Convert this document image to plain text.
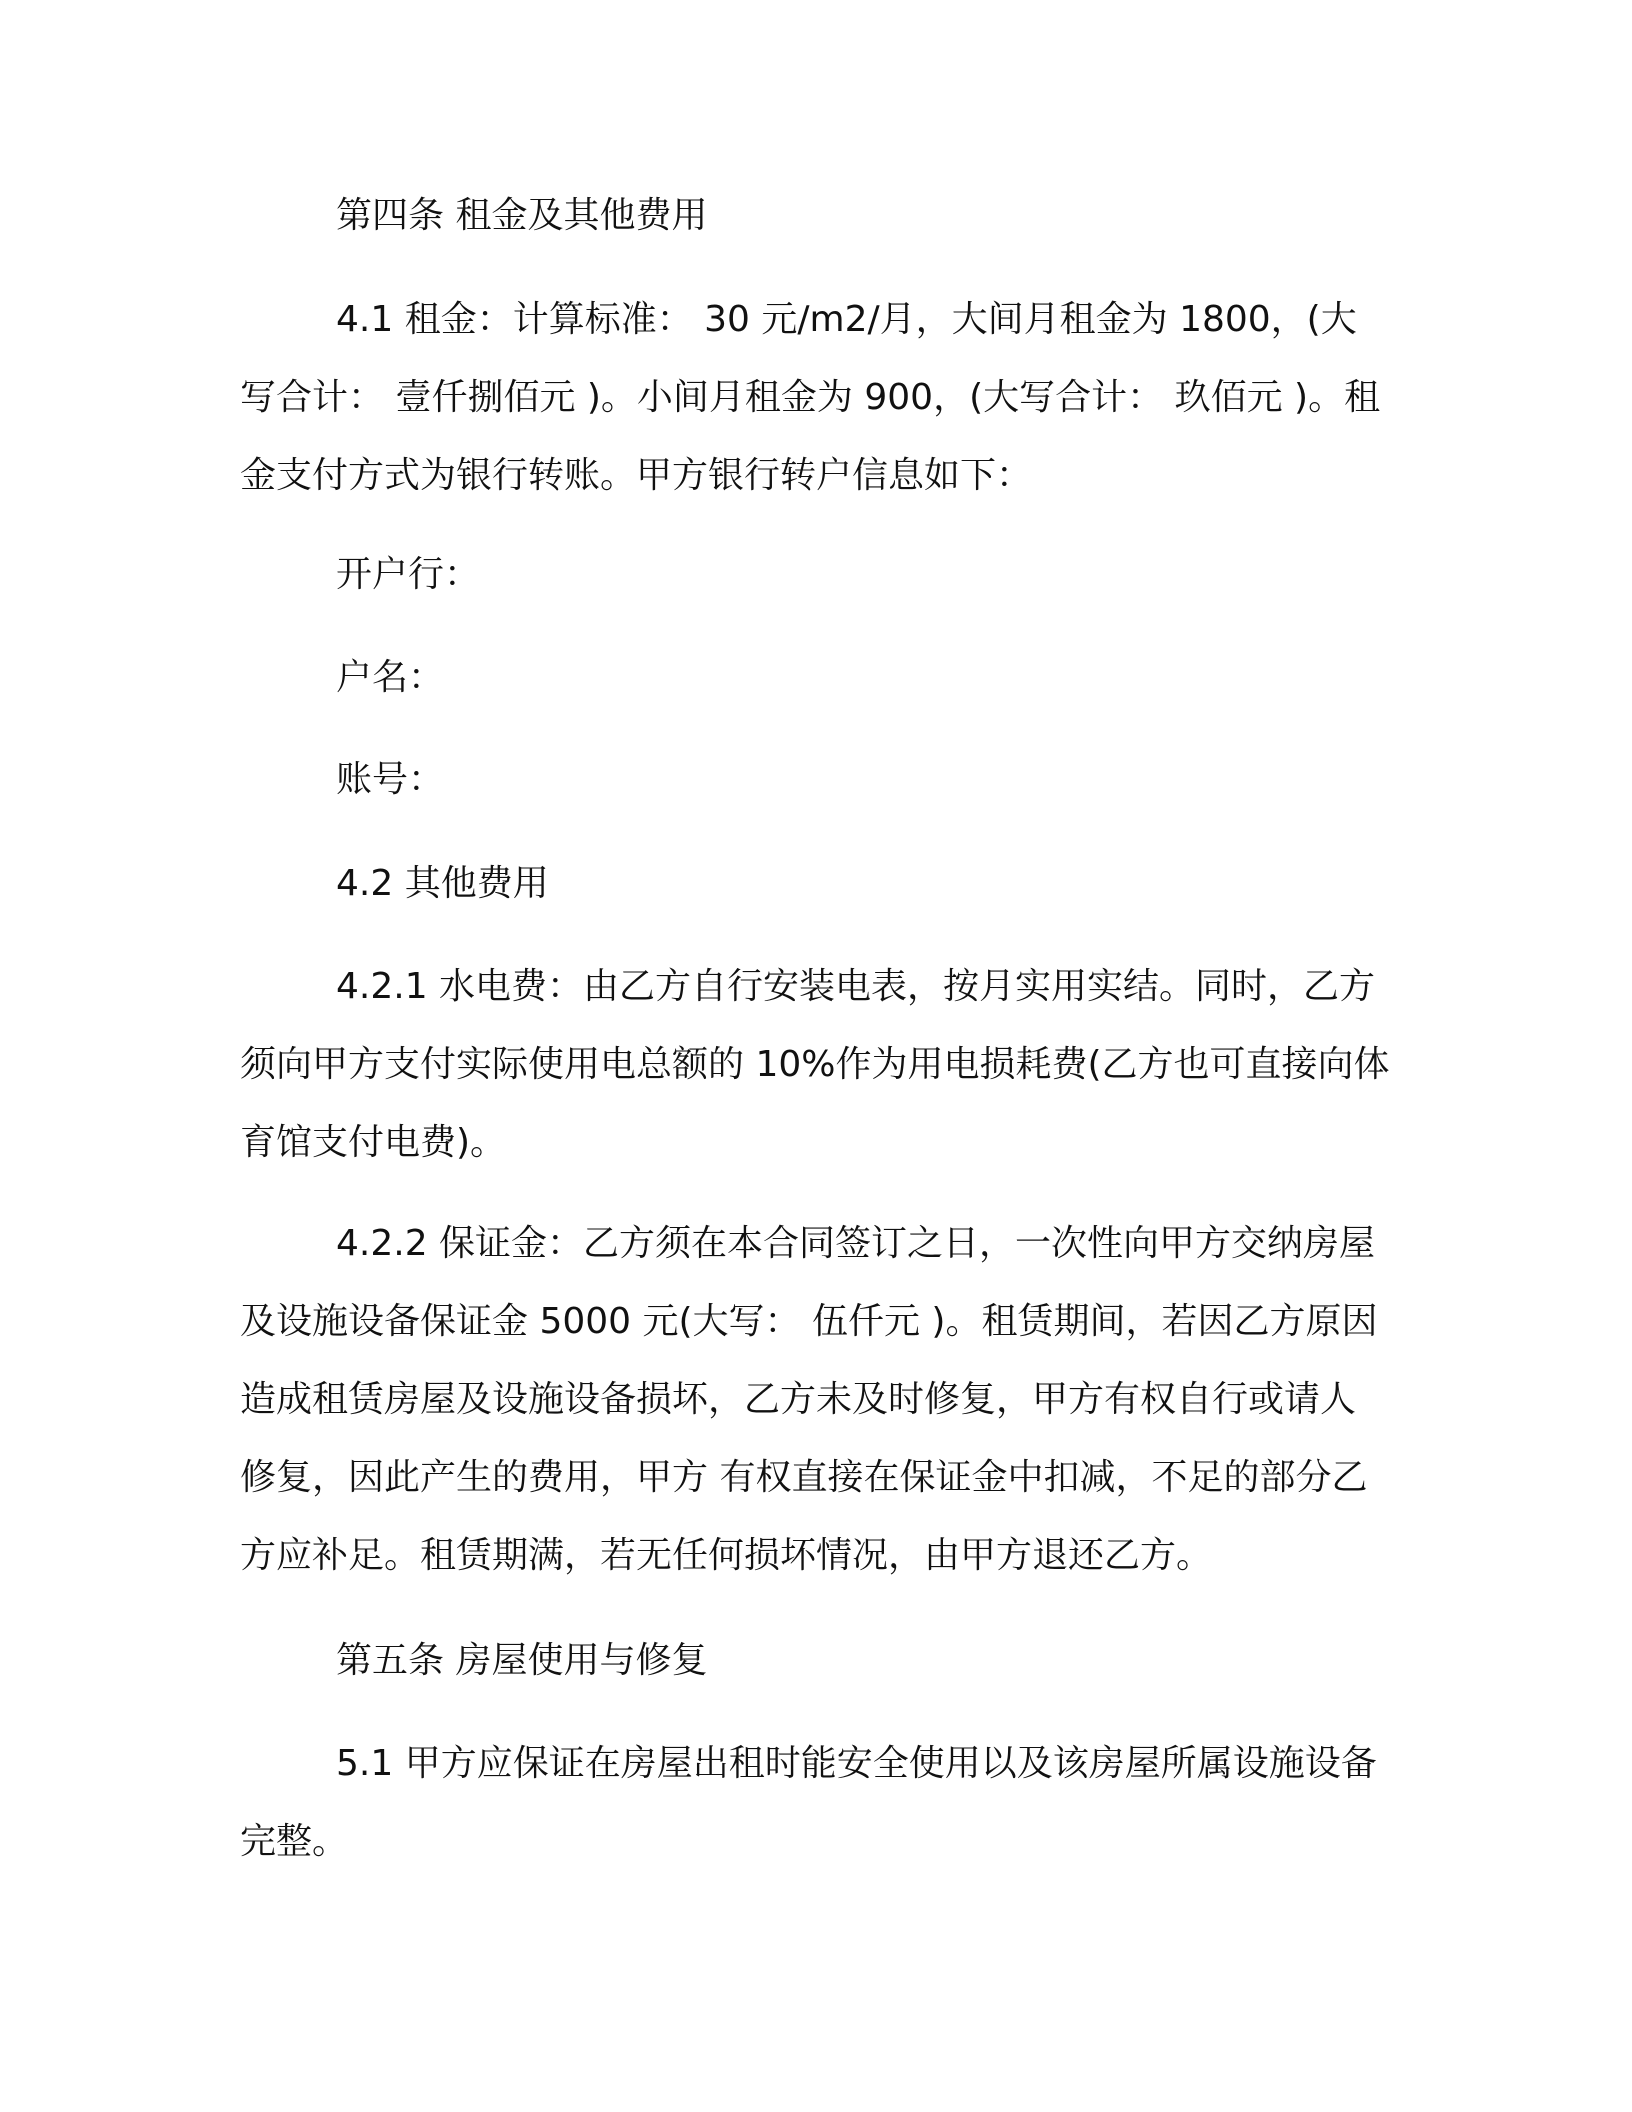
第四条 租金及其他费用

4.1 租金：计算标准： 30 元/m2/月，大间月租金为 1800，(大写合计： 壹仟捌佰元 )。小间月租金为 900，(大写合计： 玖佰元 )。租金支付方式为银行转账。甲方银行转户信息如下：

开户行：

户名：

账号：

4.2 其他费用

4.2.1 水电费：由乙方自行安装电表，按月实用实结。同时，乙方须向甲方支付实际使用电总额的 10%作为用电损耗费(乙方也可直接向体育馆支付电费)。

4.2.2 保证金：乙方须在本合同签订之日，一次性向甲方交纳房屋及设施设备保证金 5000 元(大写： 伍仟元 )。租赁期间，若因乙方原因造成租赁房屋及设施设备损坏，乙方未及时修复，甲方有权自行或请人修复，因此产生的费用，甲方 有权直接在保证金中扣减，不足的部分乙方应补足。租赁期满，若无任何损坏情况，由甲方退还乙方。

第五条 房屋使用与修复

5.1 甲方应保证在房屋出租时能安全使用以及该房屋所属设施设备完整。
